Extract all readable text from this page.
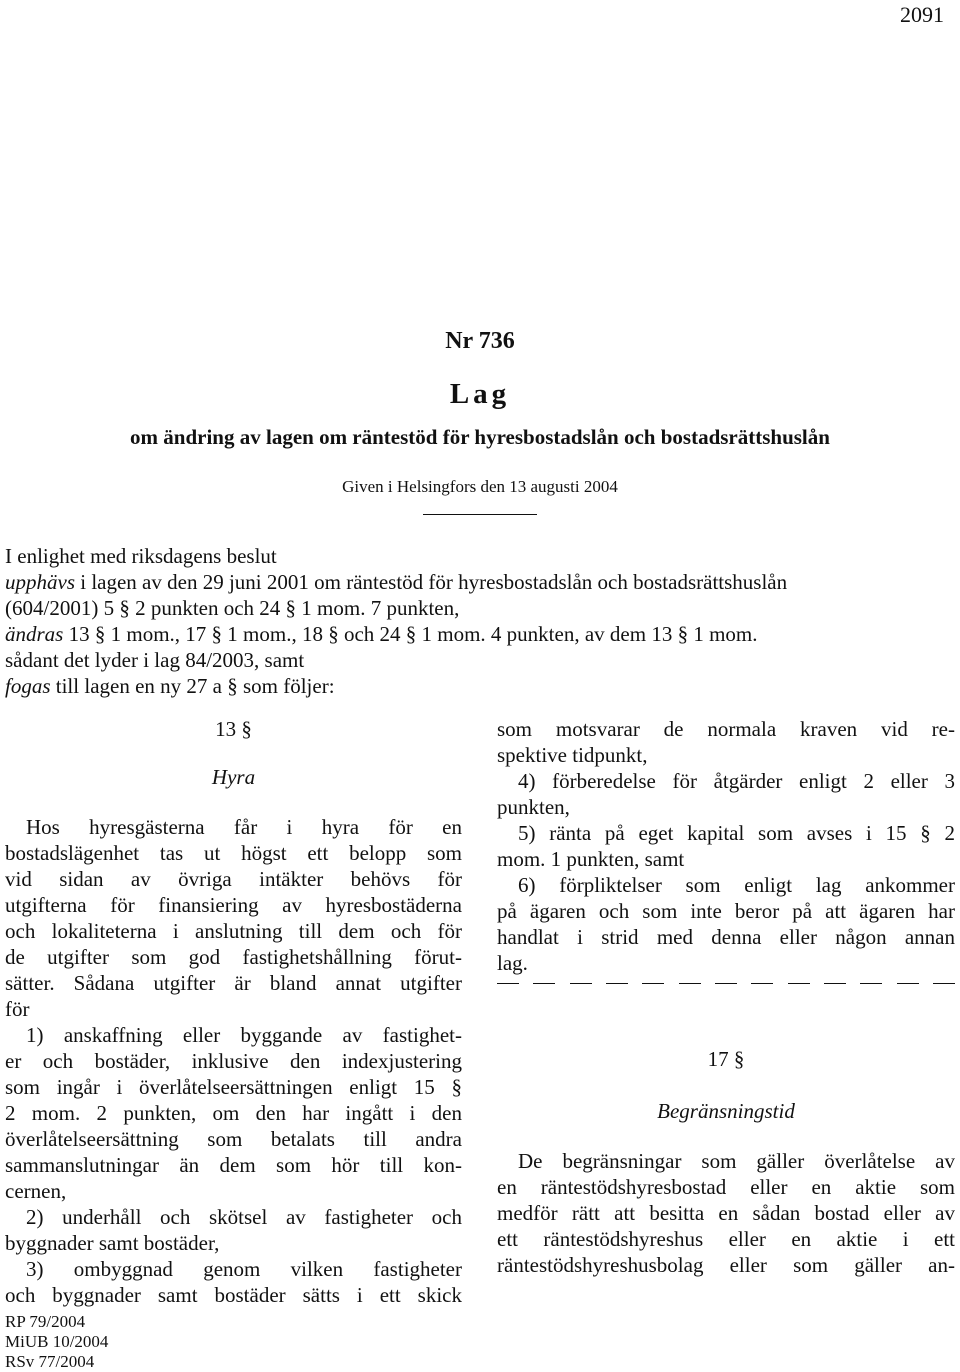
2091
Nr 736
Lag
om ändring av lagen om räntestöd för hyresbostadslån och bostadsrättshuslån
Given i Helsingfors den 13 augusti 2004
I enlighet med riksdagens beslut
upphävs i lagen av den 29 juni 2001 om räntestöd för hyresbostadslån och bostadsrättshuslån
(604/2001) 5 § 2 punkten och 24 § 1 mom. 7 punkten,
ändras 13 § 1 mom., 17 § 1 mom., 18 § och 24 § 1 mom. 4 punkten, av dem 13 § 1 mom.
sådant det lyder i lag 84/2003, samt
fogas till lagen en ny 27 a § som följer:
13 §
Hyra

Hos hyresgästerna får i hyra för en

bostadslägenhet tas ut högst ett belopp som

vid sidan av övriga intäkter behövs för

utgifterna för finansiering av hyresbostäderna

och lokaliteterna i anslutning till dem och för

de utgifter som god fastighetshållning förut-

sätter. Sådana utgifter är bland annat utgifter

för

1) anskaffning eller byggande av fastighet-

er och bostäder, inklusive den indexjustering

som ingår i överlåtelseersättningen enligt 15 §

2 mom. 2 punkten, om den har ingått i den

överlåtelseersättning som betalats till andra

sammanslutningar än dem som hör till kon-

cernen,

2) underhåll och skötsel av fastigheter och

byggnader samt bostäder,

3) ombyggnad genom vilken fastigheter

och byggnader samt bostäder sätts i ett skick

som motsvarar de normala kraven vid re-

spektive tidpunkt,

4) förberedelse för åtgärder enligt 2 eller 3

punkten,

5) ränta på eget kapital som avses i 15 § 2

mom. 1 punkten, samt

6) förpliktelser som enligt lag ankommer

på ägaren och som inte beror på att ägaren har

handlat i strid med denna eller någon annan

lag.

17 §
Begränsningstid

De begränsningar som gäller överlåtelse av

en räntestödshyresbostad eller en aktie som

medför rätt att besitta en sådan bostad eller av

ett räntestödshyreshus eller en aktie i ett

räntestödshyreshusbolag eller som gäller an-

RP 79/2004
MiUB 10/2004
RSv 77/2004
